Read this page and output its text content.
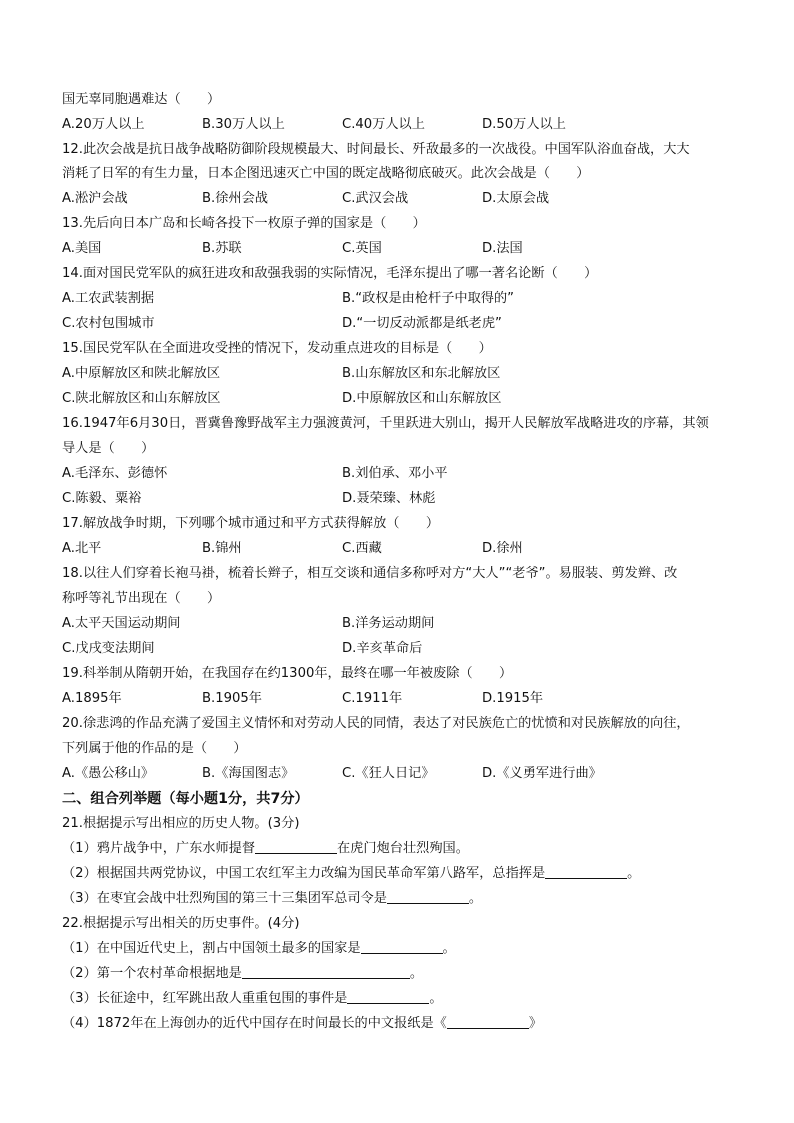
国无辜同胞遇难达（　　）
A.20万人以上	B.30万人以上	C.40万人以上	D.50万人以上
12.此次会战是抗日战争战略防御阶段规模最大、时间最长、歼敌最多的一次战役。中国军队浴血奋战，大大
消耗了日军的有生力量，日本企图迅速灭亡中国的既定战略彻底破灭。此次会战是（　　）
A.淞沪会战	B.徐州会战	C.武汉会战	D.太原会战
13.先后向日本广岛和长崎各投下一枚原子弹的国家是（　　）
A.美国	B.苏联	C.英国	D.法国
14.面对国民党军队的疯狂进攻和敌强我弱的实际情况，毛泽东提出了哪一著名论断（　　）
A.工农武装割据	B.“政权是由枪杆子中取得的”
C.农村包围城市	D.“一切反动派都是纸老虎”
15.国民党军队在全面进攻受挫的情况下，发动重点进攻的目标是（　　）
A.中原解放区和陕北解放区	B.山东解放区和东北解放区
C.陕北解放区和山东解放区	D.中原解放区和山东解放区
16.1947年6月30日，晋冀鲁豫野战军主力强渡黄河，千里跃进大别山，揭开人民解放军战略进攻的序幕，其领
导人是（　　）
A.毛泽东、彭德怀	B.刘伯承、邓小平
C.陈毅、粟裕	D.聂荣臻、林彪
17.解放战争时期，下列哪个城市通过和平方式获得解放（　　）
A.北平	B.锦州	C.西藏	D.徐州
18.以往人们穿着长袍马褂，梳着长辫子，相互交谈和通信多称呼对方“大人”“老爷”。易服装、剪发辫、改
称呼等礼节出现在（　　）
A.太平天国运动期间	B.洋务运动期间
C.戊戌变法期间	D.辛亥革命后
19.科举制从隋朝开始，在我国存在约1300年，最终在哪一年被废除（　　）
A.1895年	B.1905年	C.1911年	D.1915年
20.徐悲鸿的作品充满了爱国主义情怀和对劳动人民的同情，表达了对民族危亡的忧愤和对民族解放的向往，
下列属于他的作品的是（　　）
A.《愚公移山》	B.《海国图志》	C.《狂人日记》	D.《义勇军进行曲》
二、组合列举题（每小题1分，共7分）
21.根据提示写出相应的历史人物。(3分)
（1）鸦片战争中，广东水师提督	在虎门炮台壮烈殉国。
（2）根据国共两党协议，中国工农红军主力改编为国民革命军第八路军，总指挥是	。
（3）在枣宜会战中壮烈殉国的第三十三集团军总司令是	。
22.根据提示写出相关的历史事件。(4分)
（1）在中国近代史上，割占中国领土最多的国家是	。
（2）第一个农村革命根据地是	。
（3）长征途中，红军跳出敌人重重包围的事件是	。
（4）1872年在上海创办的近代中国存在时间最长的中文报纸是《	》
